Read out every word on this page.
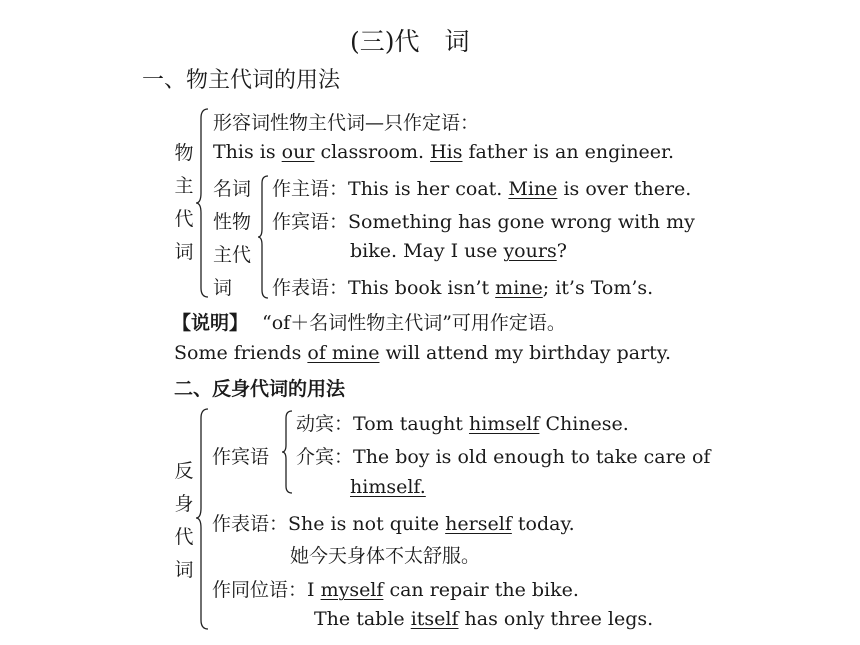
(三)代　词
一、物主代词的用法
物
主
代
词
形容词性物主代词—只作定语：
This is our classroom. His father is an engineer.
名词
性物
主代
词
作主语：This is her coat. Mine is over there.
作宾语：Something has gone wrong with my
bike. May I use yours?
作表语：This book isn’t mine; it’s Tom’s.
【说明】 “of＋名词性物主代词”可用作定语。
Some friends of mine will attend my birthday party.
二、反身代词的用法
反
身
代
词
作宾语
动宾：Tom taught himself Chinese.
介宾：The boy is old enough to take care of
himself.
作表语：She is not quite herself today.
她今天身体不太舒服。
作同位语：I myself can repair the bike.
The table itself has only three legs.
